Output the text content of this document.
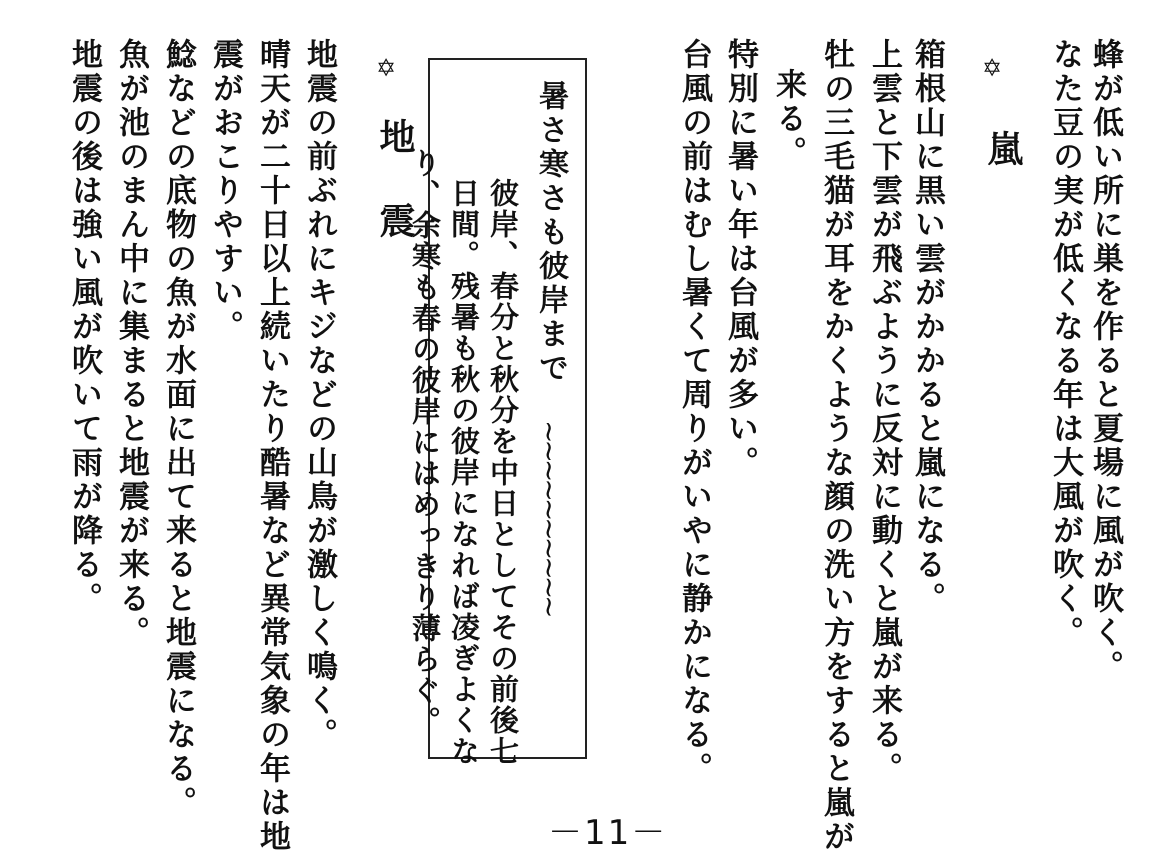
蜂が低い所に巣を作ると夏場に風が吹く。
なた豆の実が低くなる年は大風が吹く。
✡
嵐
箱根山に黒い雲がかかると嵐になる。
上雲と下雲が飛ぶように反対に動くと嵐が来る。
牡の三毛猫が耳をかくような顔の洗い方をすると嵐が
来る。
特別に暑い年は台風が多い。
台風の前はむし暑くて周りがいやに静かになる。
暑さ寒さも彼岸まで
~~~~~~~~~~
彼岸、春分と秋分を中日としてその前後七
日間。残暑も秋の彼岸になれば凌ぎよくな
り、余寒も春の彼岸にはめっきり薄らぐ。
✡
地震
地震の前ぶれにキジなどの山鳥が激しく鳴く。
晴天が二十日以上続いたり酷暑など異常気象の年は地
震がおこりやすい。
鯰などの底物の魚が水面に出て来ると地震になる。
魚が池のまん中に集まると地震が来る。
地震の後は強い風が吹いて雨が降る。
－11－
